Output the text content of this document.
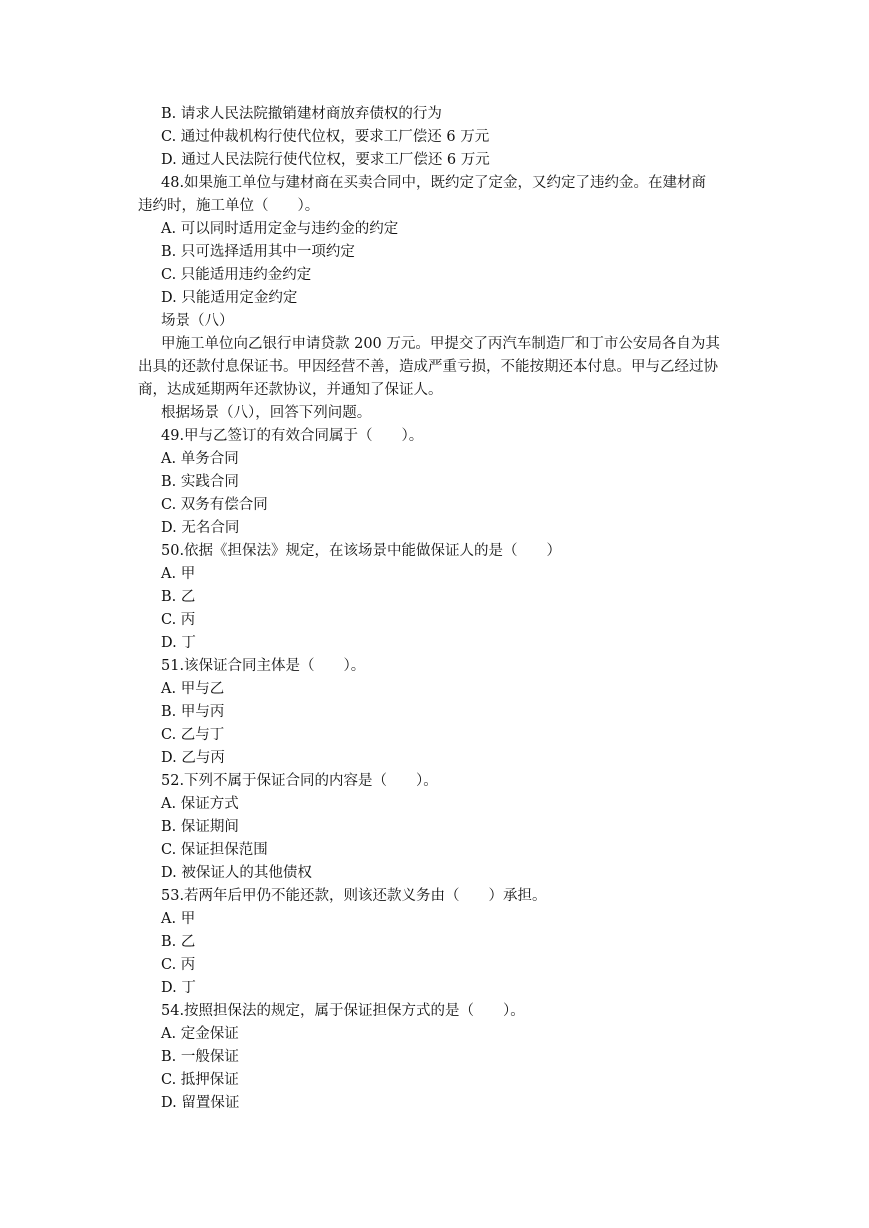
B. 请求人民法院撤销建材商放弃债权的行为
C. 通过仲裁机构行使代位权，要求工厂偿还 6 万元
D. 通过人民法院行使代位权，要求工厂偿还 6 万元
48.如果施工单位与建材商在买卖合同中，既约定了定金，又约定了违约金。在建材商
违约时，施工单位（　　）。
A. 可以同时适用定金与违约金的约定
B. 只可选择适用其中一项约定
C. 只能适用违约金约定
D. 只能适用定金约定
场景（八）
甲施工单位向乙银行申请贷款 200 万元。甲提交了丙汽车制造厂和丁市公安局各自为其
出具的还款付息保证书。甲因经营不善，造成严重亏损，不能按期还本付息。甲与乙经过协
商，达成延期两年还款协议，并通知了保证人。
根据场景（八），回答下列问题。
49.甲与乙签订的有效合同属于（　　）。
A. 单务合同
B. 实践合同
C. 双务有偿合同
D. 无名合同
50.依据《担保法》规定，在该场景中能做保证人的是（　　）
A. 甲
B. 乙
C. 丙
D. 丁
51.该保证合同主体是（　　）。
A. 甲与乙
B. 甲与丙
C. 乙与丁
D. 乙与丙
52.下列不属于保证合同的内容是（　　）。
A. 保证方式
B. 保证期间
C. 保证担保范围
D. 被保证人的其他债权
53.若两年后甲仍不能还款，则该还款义务由（　　）承担。
A. 甲
B. 乙
C. 丙
D. 丁
54.按照担保法的规定，属于保证担保方式的是（　　）。
A. 定金保证
B. 一般保证
C. 抵押保证
D. 留置保证
